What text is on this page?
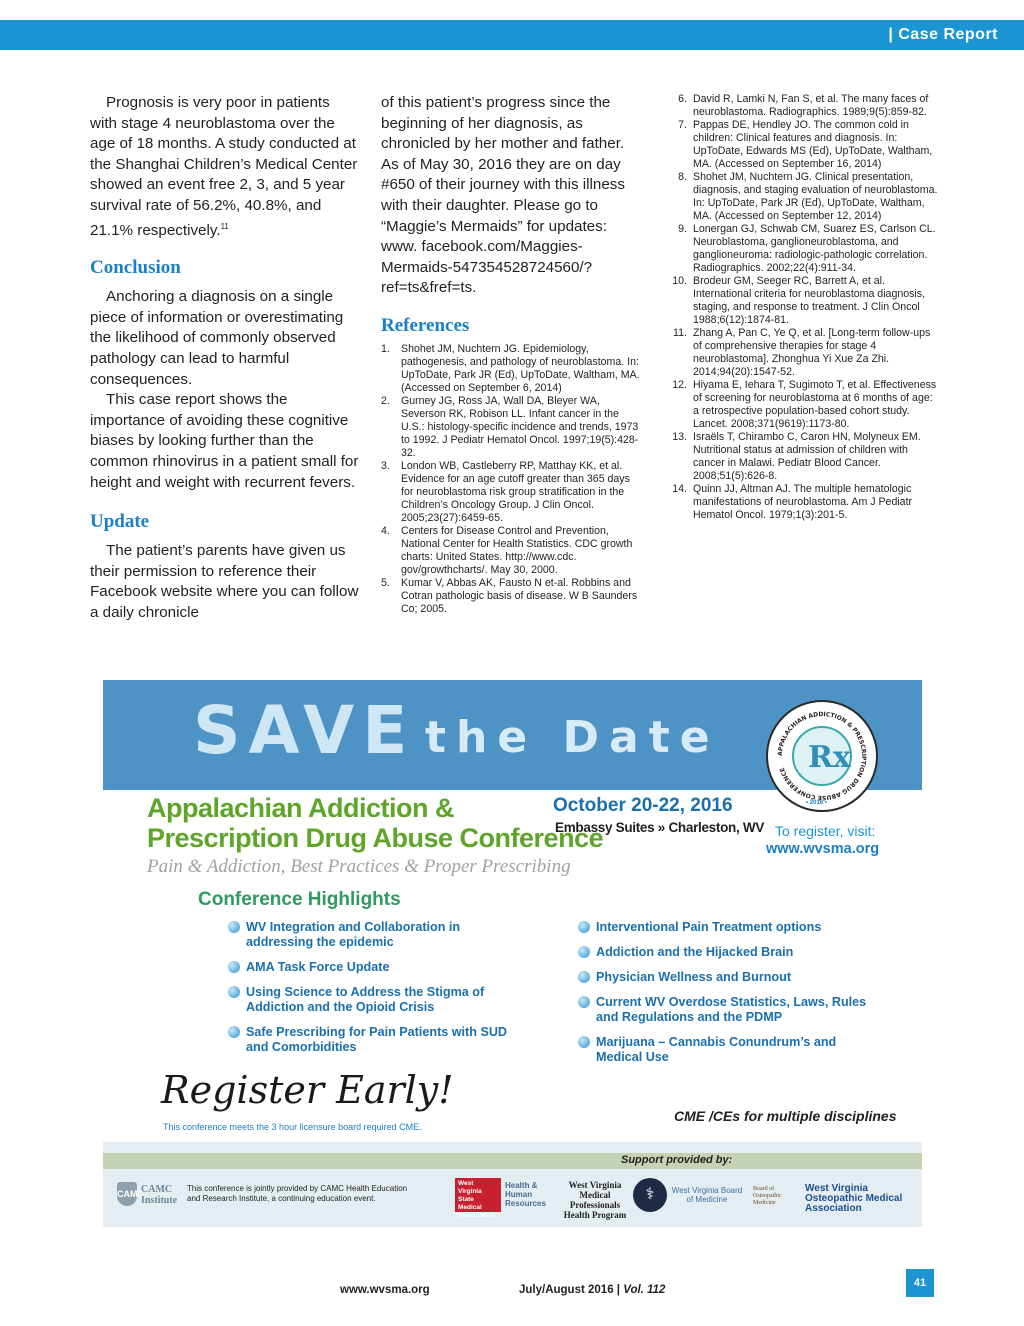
| Case Report

Prognosis is very poor in patients with stage 4 neuroblastoma over the age of 18 months. A study conducted at the Shanghai Children’s Medical Center showed an event free 2, 3, and 5 year survival rate of 56.2%, 40.8%, and 21.1% respectively.$^{11}$

Conclusion

Anchoring a diagnosis on a single piece of information or overestimating the likelihood of commonly observed pathology can lead to harmful consequences.

This case report shows the importance of avoiding these cognitive biases by looking further than the common rhinovirus in a patient small for height and weight with recurrent fevers.

Update

The patient’s parents have given us their permission to reference their Facebook website where you can follow a daily chronicle

of this patient’s progress since the beginning of her diagnosis, as chronicled by her mother and father. As of May 30, 2016 they are on day #650 of their journey with this illness with their daughter. Please go to “Maggie’s Mermaids” for updates: www. facebook.com/Maggies-Mermaids-547354528724560/?ref=ts&fref=ts.

References
1. Shohet JM, Nuchtern JG. Epidemiology, pathogenesis, and pathology of neuroblastoma. In: UpToDate, Park JR (Ed), UpToDate, Waltham, MA. (Accessed on September 6, 2014)
2. Gurney JG, Ross JA, Wall DA, Bleyer WA, Severson RK, Robison LL. Infant cancer in the U.S.: histology-specific incidence and trends, 1973 to 1992. J Pediatr Hematol Oncol. 1997;19(5):428-32.
3. London WB, Castleberry RP, Matthay KK, et al. Evidence for an age cutoff greater than 365 days for neuroblastoma risk group stratification in the Children’s Oncology Group. J Clin Oncol. 2005;23(27):6459-65.
4. Centers for Disease Control and Prevention, National Center for Health Statistics. CDC growth charts: United States. http://www.cdc. gov/growthcharts/. May 30, 2000.
5. Kumar V, Abbas AK, Fausto N et-al. Robbins and Cotran pathologic basis of disease. W B Saunders Co; 2005.
6. David R, Lamki N, Fan S, et al. The many faces of neuroblastoma. Radiographics. 1989;9(5):859-82.
7. Pappas DE, Hendley JO. The common cold in children: Clinical features and diagnosis. In: UpToDate, Edwards MS (Ed), UpToDate, Waltham, MA. (Accessed on September 16, 2014)
8. Shohet JM, Nuchtern JG. Clinical presentation, diagnosis, and staging evaluation of neuroblastoma. In: UpToDate, Park JR (Ed), UpToDate, Waltham, MA. (Accessed on September 12, 2014)
9. Lonergan GJ, Schwab CM, Suarez ES, Carlson CL. Neuroblastoma, ganglioneuroblastoma, and ganglioneuroma: radiologic-pathologic correlation. Radiographics. 2002;22(4):911-34.
10. Brodeur GM, Seeger RC, Barrett A, et al. International criteria for neuroblastoma diagnosis, staging, and response to treatment. J Clin Oncol 1988;6(12):1874-81.
11. Zhang A, Pan C, Ye Q, et al. [Long-term follow-ups of comprehensive therapies for stage 4 neuroblastoma]. Zhonghua Yi Xue Za Zhi. 2014;94(20):1547-52.
12. Hiyama E, Iehara T, Sugimoto T, et al. Effectiveness of screening for neuroblastoma at 6 months of age: a retrospective population-based cohort study. Lancet. 2008;371(9619):1173-80.
13. Israëls T, Chirambo C, Caron HN, Molyneux EM. Nutritional status at admission of children with cancer in Malawi. Pediatr Blood Cancer. 2008;51(5):626-8.
14. Quinn JJ, Altman AJ. The multiple hematologic manifestations of neuroblastoma. Am J Pediatr Hematol Oncol. 1979;1(3):201-5.
SAVE the Date	APPALACHIAN ADDICTION & PRESCRIPTION DRUG ABUSE CONFERENCE Rx
• 2016 •
Appalachian Addiction &
Prescription Drug Abuse Conference
Pain & Addiction, Best Practices & Proper Prescribing
October 20-22, 2016
Embassy Suites » Charleston, WV To register, visit:
www.wvsma.org
Conference Highlights
WV Integration and Collaboration in addressing the epidemic
AMA Task Force Update
Using Science to Address the Stigma of Addiction and the Opioid Crisis
Safe Prescribing for Pain Patients with SUD and Comorbidities
Interventional Pain Treatment options
Addiction and the Hijacked Brain
Physician Wellness and Burnout
Current WV Overdose Statistics, Laws, Rules and Regulations and the PDMP
Marijuana – Cannabis Conundrum’s and Medical Use
Register Early!
This conference meets the 3 hour licensure board required CME.
CME /CEs for multiple disciplines
Support provided by:
CAMC
CAMC Institute
This conference is jointly provided by CAMC Health Education and Research Institute, a continuing education event.
West Virginia State Medical Association
Health & Human Resources
West Virginia Medical Professionals Health Program
⚕	West Virginia Board of Medicine
Board of Osteopathic Medicine
West Virginia Osteopathic Medical Association
www.wvsma.org	July/August 2016 | Vol. 112
41
